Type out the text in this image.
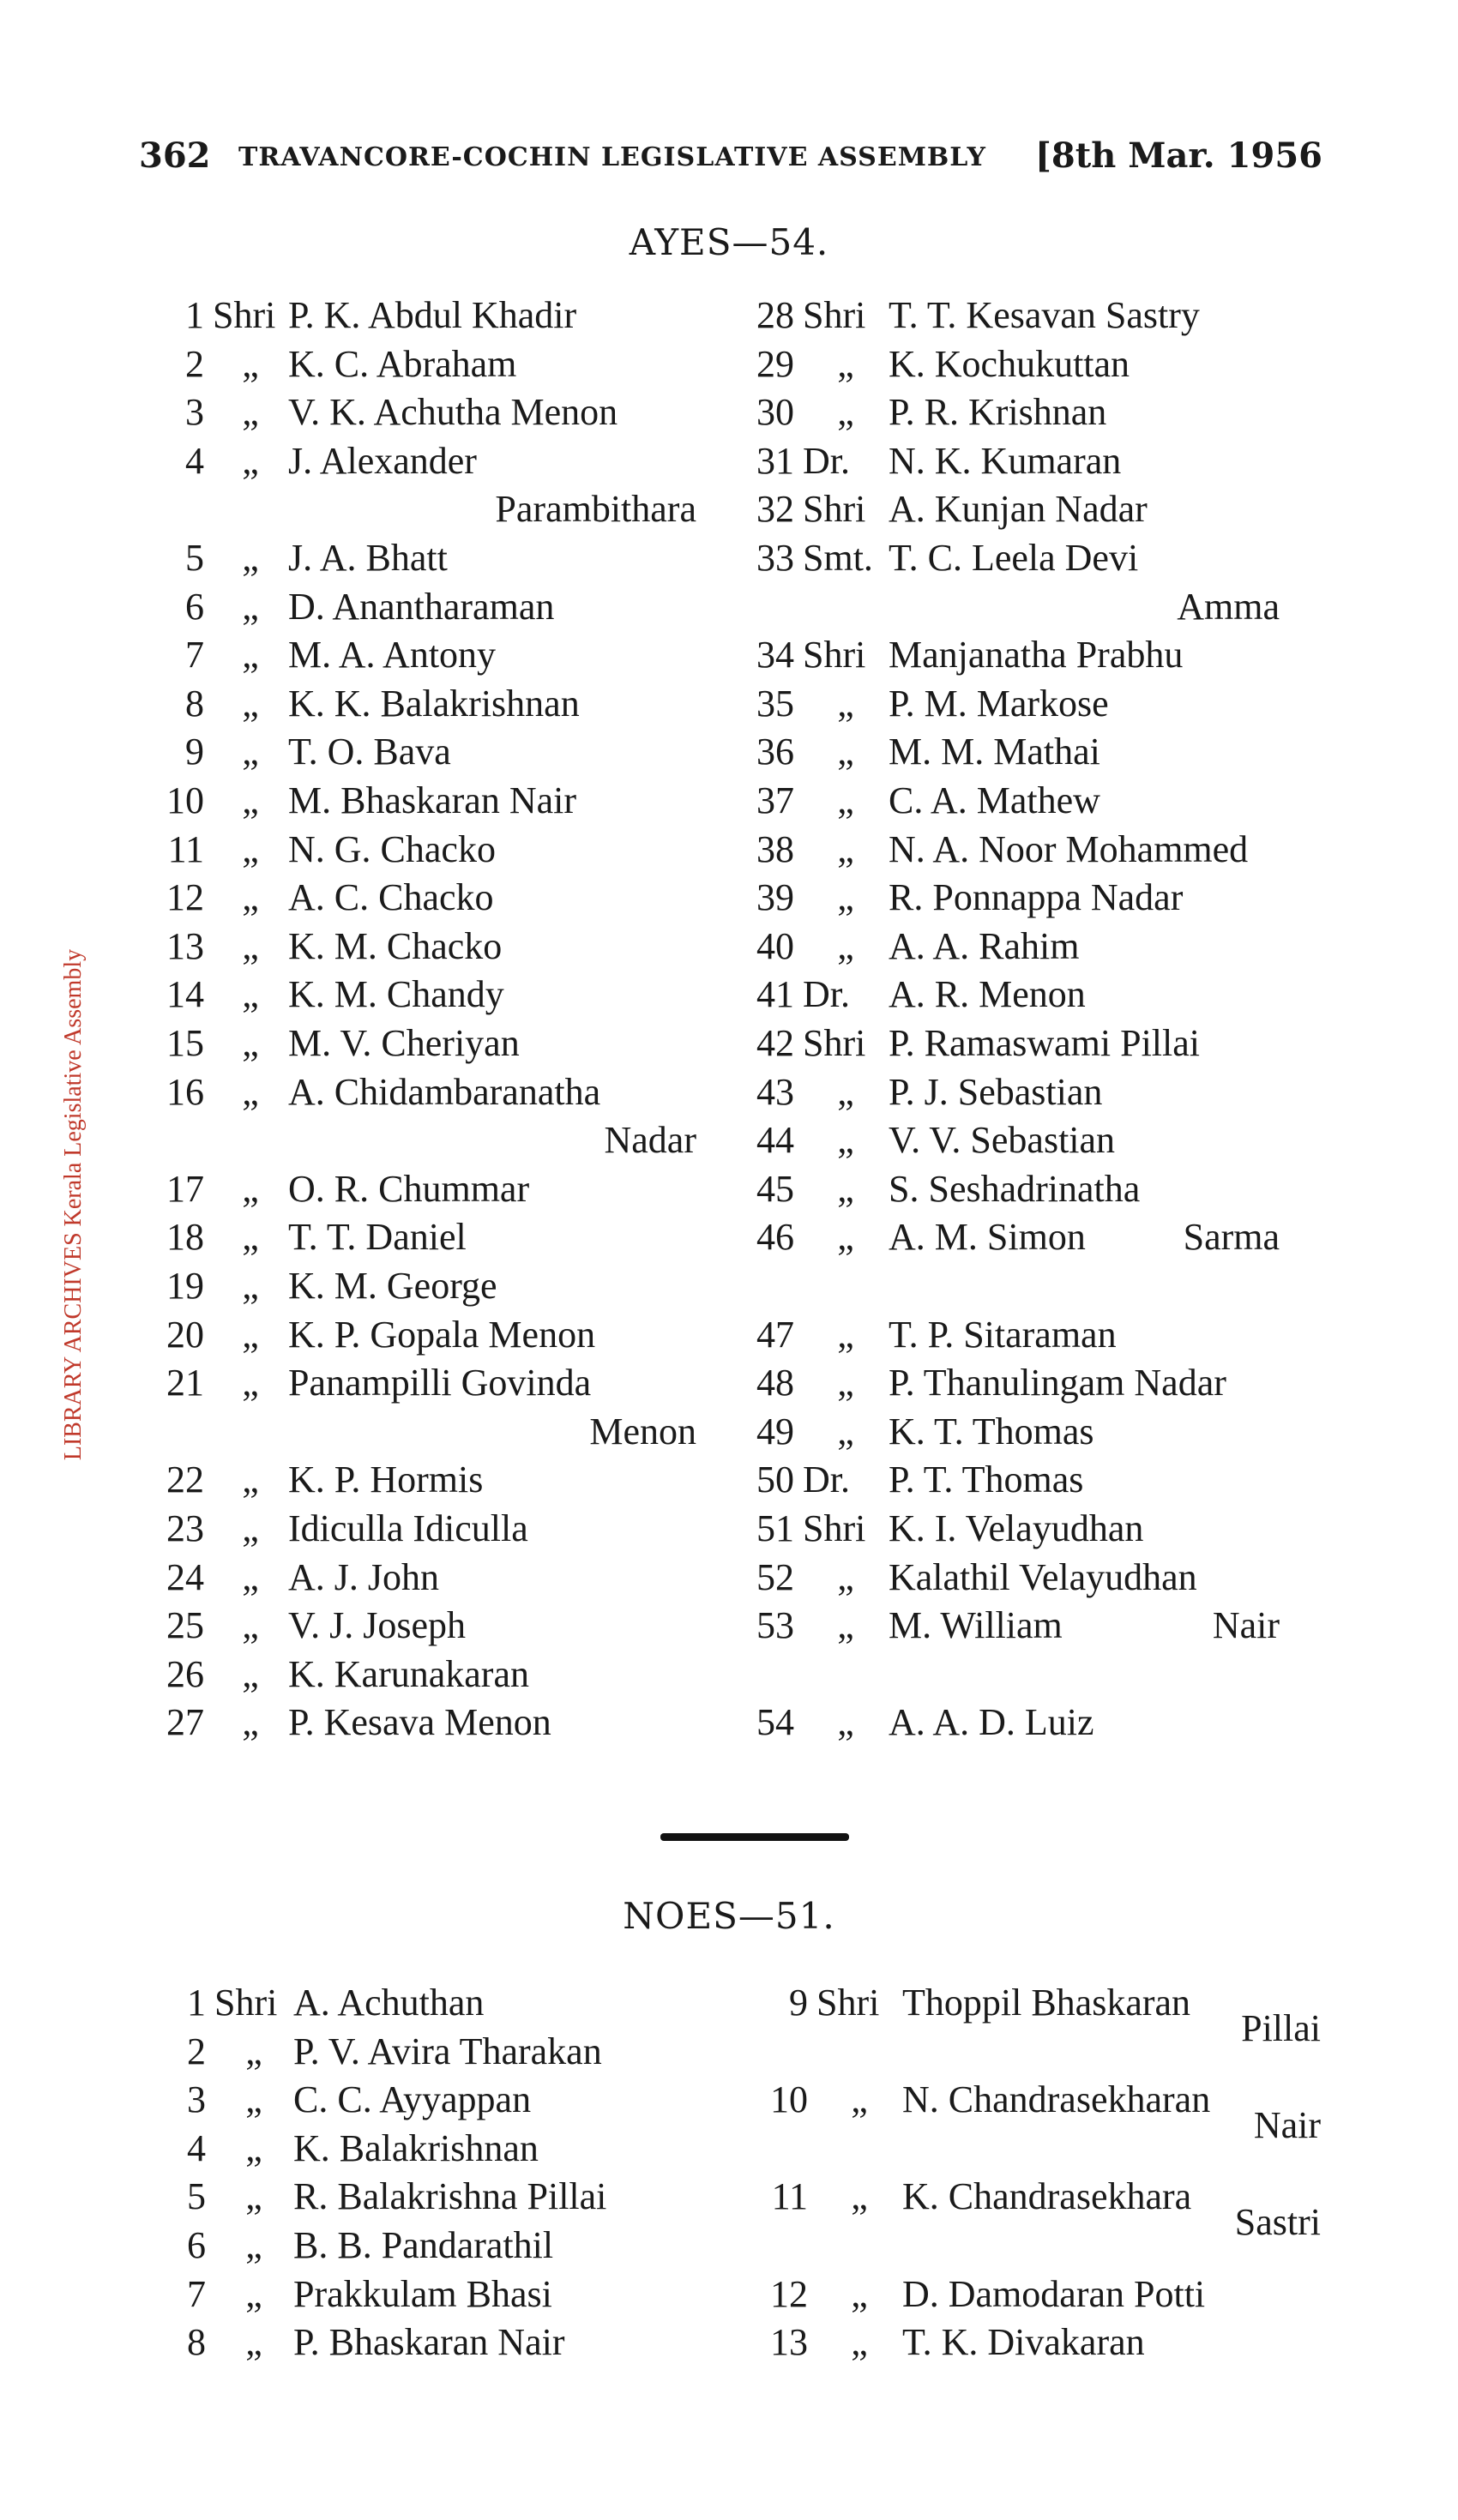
LIBRARY ARCHIVES Kerala Legislative Assembly
362 TRAVANCORE-COCHIN LEGISLATIVE ASSEMBLY [8th Mar. 1956
AYES—54.
1 Shri P. K. Abdul Khadir
2 „ K. C. Abraham
3 „ V. K. Achutha Menon
4 „ J. Alexander
Parambithara
5 „ J. A. Bhatt
6 „ D. Anantharaman
7 „ M. A. Antony
8 „ K. K. Balakrishnan
9 „ T. O. Bava
10 „ M. Bhaskaran Nair
11 „ N. G. Chacko
12 „ A. C. Chacko
13 „ K. M. Chacko
14 „ K. M. Chandy
15 „ M. V. Cheriyan
16 „ A. Chidambaranatha
Nadar
17 „ O. R. Chummar
18 „ T. T. Daniel
19 „ K. M. George
20 „ K. P. Gopala Menon
21 „ Panampilli Govinda
Menon
22 „ K. P. Hormis
23 „ Idiculla Idiculla
24 „ A. J. John
25 „ V. J. Joseph
26 „ K. Karunakaran
27 „ P. Kesava Menon
28 Shri T. T. Kesavan Sastry
29 „ K. Kochukuttan
30 „ P. R. Krishnan
31 Dr. N. K. Kumaran
32 Shri A. Kunjan Nadar
33 Smt. T. C. Leela Devi
Amma
34 Shri Manjanatha Prabhu
35 „ P. M. Markose
36 „ M. M. Mathai
37 „ C. A. Mathew
38 „ N. A. Noor Mohammed
39 „ R. Ponnappa Nadar
40 „ A. A. Rahim
41 Dr. A. R. Menon
42 Shri P. Ramaswami Pillai
43 „ P. J. Sebastian
44 „ V. V. Sebastian
45 „ S. Seshadrinatha
Sarma
46 „ A. M. Simon
47 „ T. P. Sitaraman
48 „ P. Thanulingam Nadar
49 „ K. T. Thomas
50 Dr. P. T. Thomas
51 Shri K. I. Velayudhan
52 „ Kalathil Velayudhan
Nair
53 „ M. William
54 „ A. A. D. Luiz
NOES—51.
1 Shri A. Achuthan
2 „ P. V. Avira Tharakan
3 „ C. C. Ayyappan
4 „ K. Balakrishnan
5 „ R. Balakrishna Pillai
6 „ B. B. Pandarathil
7 „ Prakkulam Bhasi
8 „ P. Bhaskaran Nair
9 Shri Thoppil Bhaskaran
Pillai
10 „ N. Chandrasekharan
Nair
11 „ K. Chandrasekhara
Sastri
12 „ D. Damodaran Potti
13 „ T. K. Divakaran
